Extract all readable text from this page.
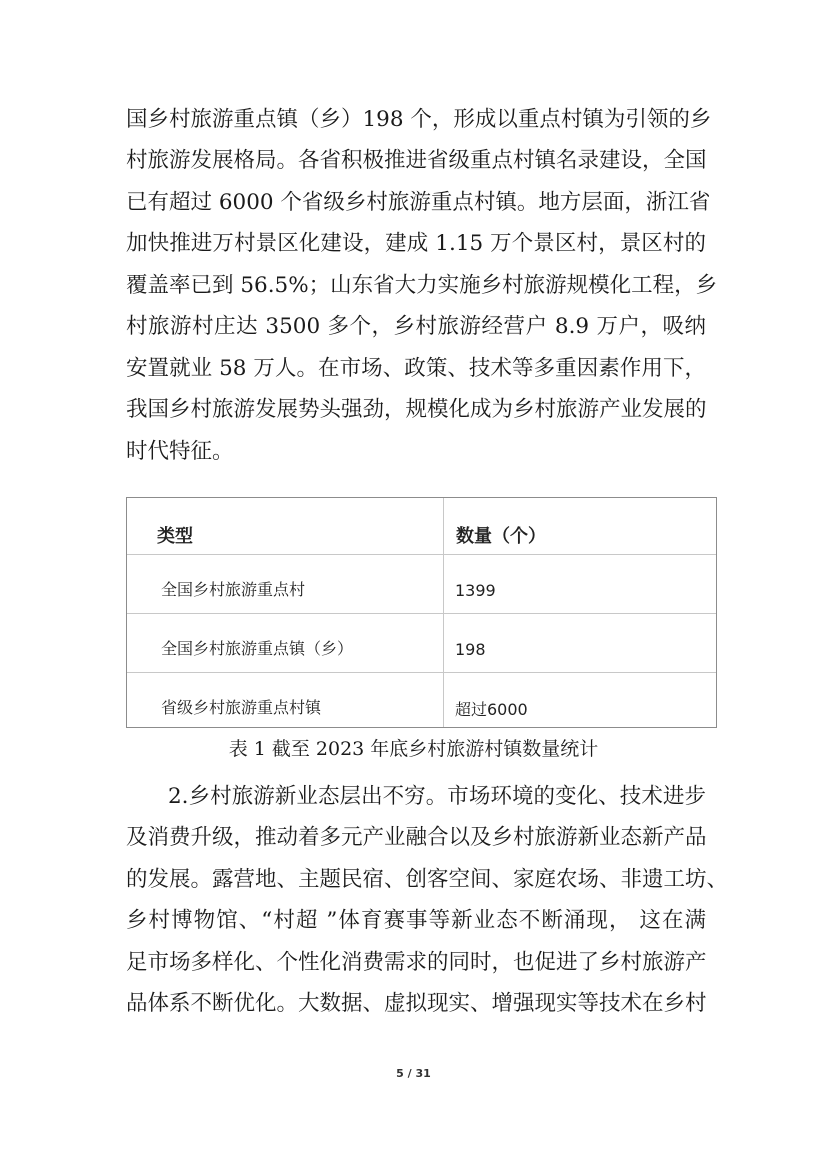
国乡村旅游重点镇（乡）198 个，形成以重点村镇为引领的乡
村旅游发展格局。各省积极推进省级重点村镇名录建设，全国
已有超过 6000 个省级乡村旅游重点村镇。地方层面，浙江省
加快推进万村景区化建设，建成 1.15 万个景区村，景区村的
覆盖率已到 56.5%；山东省大力实施乡村旅游规模化工程，乡
村旅游村庄达 3500 多个，乡村旅游经营户 8.9 万户，吸纳
安置就业 58 万人。在市场、政策、技术等多重因素作用下，
我国乡村旅游发展势头强劲，规模化成为乡村旅游产业发展的
时代特征。
类型	数量（个）
全国乡村旅游重点村	1399
全国乡村旅游重点镇（乡）	198
省级乡村旅游重点村镇	超过6000
表 1 截至 2023 年底乡村旅游村镇数量统计
2.乡村旅游新业态层出不穷。市场环境的变化、技术进步
及消费升级，推动着多元产业融合以及乡村旅游新业态新产品
的发展。露营地、主题民宿、创客空间、家庭农场、非遗工坊、
乡村博物馆、“村超 ”体育赛事等新业态不断涌现， 这在满
足市场多样化、个性化消费需求的同时，也促进了乡村旅游产
品体系不断优化。大数据、虚拟现实、增强现实等技术在乡村
5 / 31
